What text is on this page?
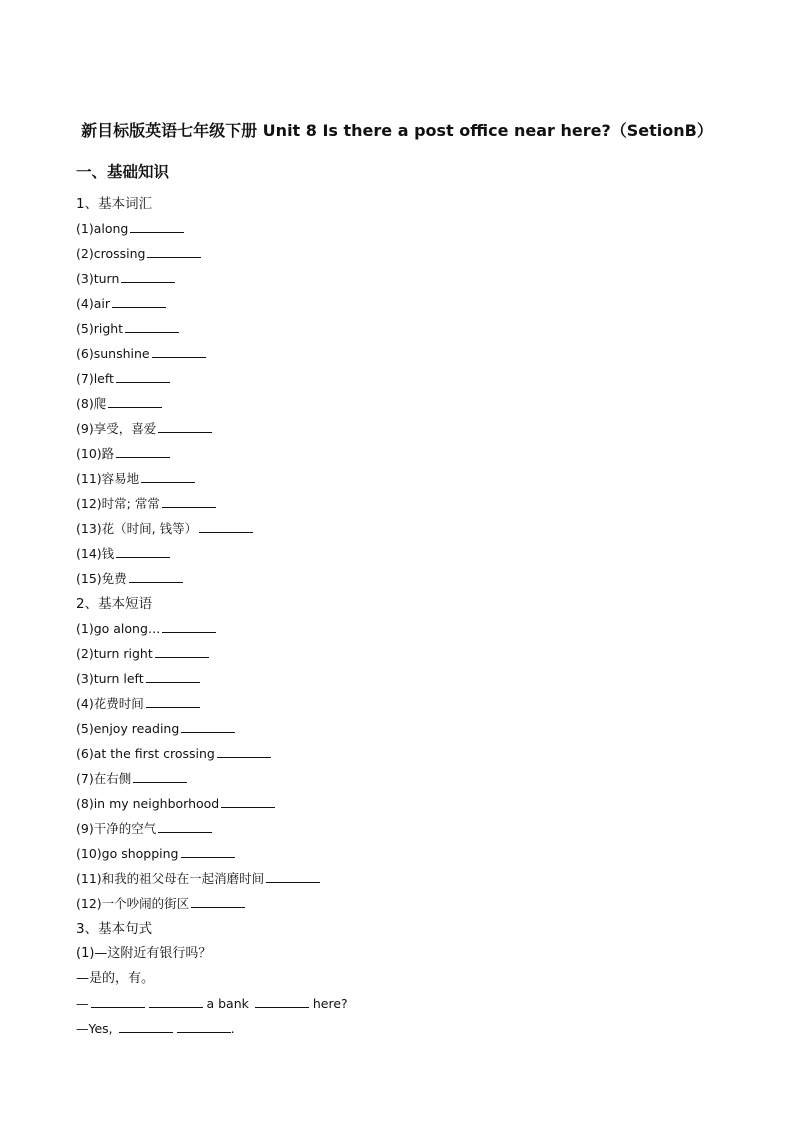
新目标版英语七年级下册 Unit 8 Is there a post office near here?（SetionB）
一、基础知识
1、基本词汇
(1)along
(2)crossing
(3)turn
(4)air
(5)right
(6)sunshine
(7)left
(8)爬
(9)享受，喜爱
(10)路
(11)容易地
(12)时常; 常常
(13)花（时间, 钱等）
(14)钱
(15)免费
2、基本短语
(1)go along…
(2)turn right
(3)turn left
(4)花费时间
(5)enjoy reading
(6)at the first crossing
(7)在右侧
(8)in my neighborhood
(9)干净的空气
(10)go shopping
(11)和我的祖父母在一起消磨时间
(12)一个吵闹的街区
3、基本句式
(1)—这附近有银行吗？
—是的，有。
—	a bank	here?
—Yes,	.
